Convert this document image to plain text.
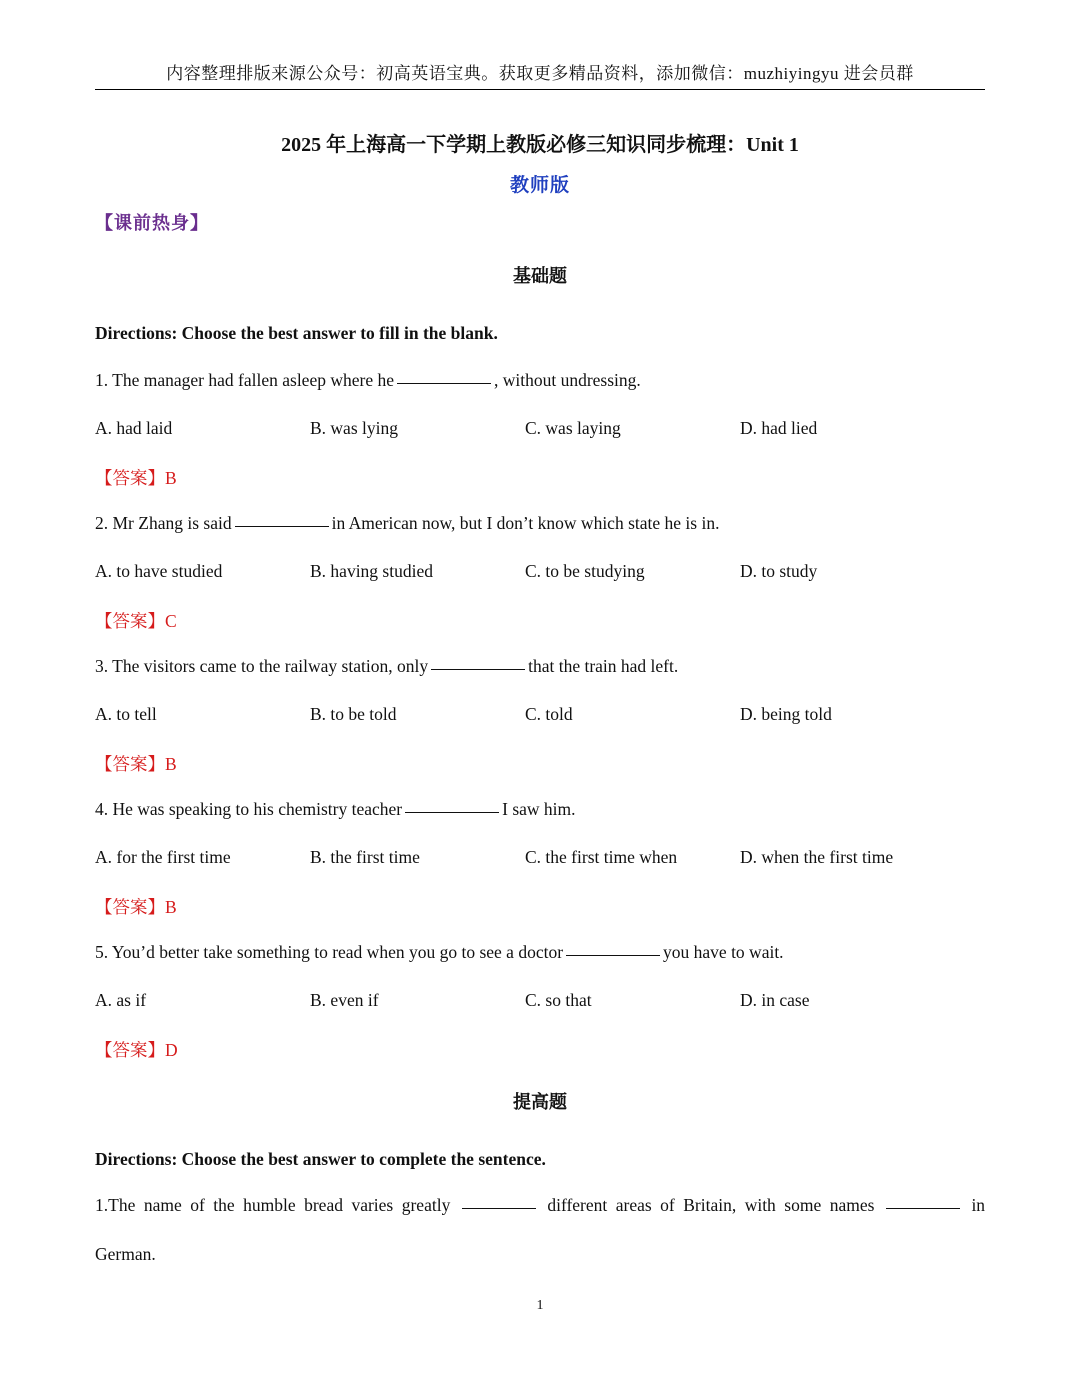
内容整理排版来源公众号：初高英语宝典。获取更多精品资料，添加微信：muzhiyingyu 进会员群
2025 年上海高一下学期上教版必修三知识同步梳理：Unit 1
教师版
【课前热身】
基础题
Directions: Choose the best answer to fill in the blank.
1. The manager had fallen asleep where he	, without undressing.
A. had laid	B. was lying	C. was laying	D. had lied
【答案】B
2. Mr Zhang is said	in American now, but I don’t know which state he is in.
A. to have studied	B. having studied	C. to be studying	D. to study
【答案】C
3. The visitors came to the railway station, only	that the train had left.
A. to tell	B. to be told	C. told	D. being told
【答案】B
4. He was speaking to his chemistry teacher	I saw him.
A. for the first time	B. the first time	C. the first time when	D. when the first time
【答案】B
5. You’d better take something to read when you go to see a doctor	you have to wait.
A. as if	B. even if	C. so that	D. in case
【答案】D
提高题
Directions: Choose the best answer to complete the sentence.
1.The name of the humble bread varies greatly	different areas of Britain, with some names	in
German.
1
